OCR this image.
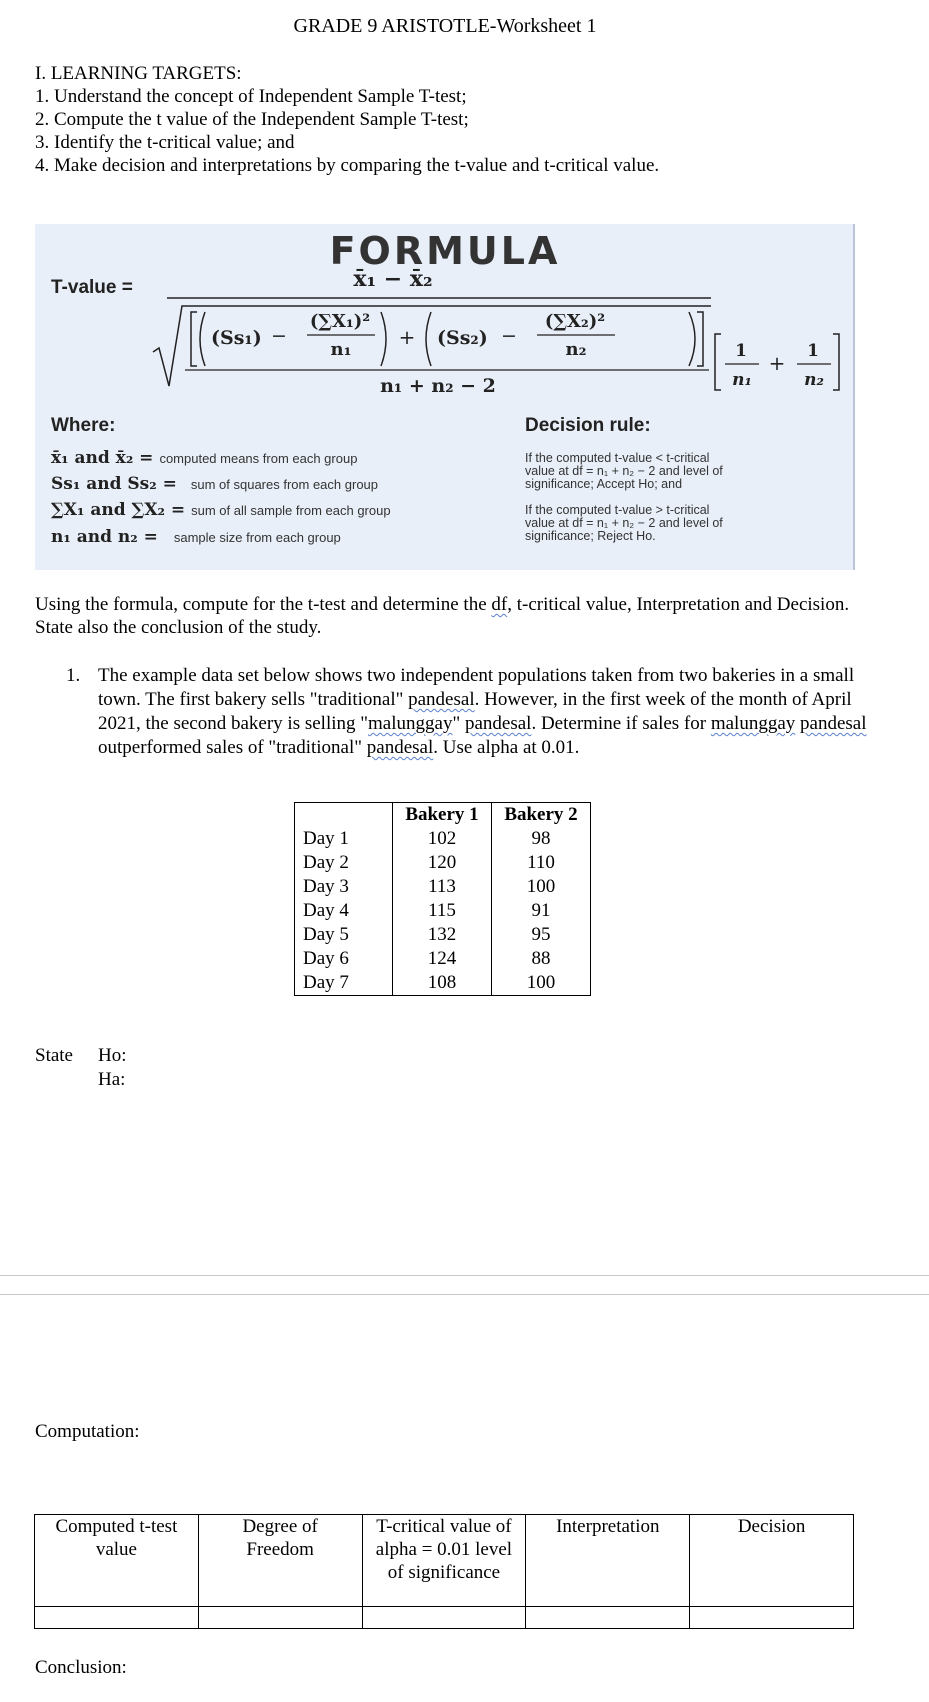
GRADE 9 ARISTOTLE-Worksheet 1
I. LEARNING TARGETS:
1. Understand the concept of Independent Sample T-test;
2. Compute the t value of the Independent Sample T-test;
3. Identify the t-critical value; and
4. Make decision and interpretations by comparing the t-value and t-critical value.
FORMULA
T-value =	x̄₁ − x̄₂
(Ss₁) −
(∑X₁)²
n₁
+ (Ss₂) −
(∑X₂)²
n₂
n₁ + n₂ − 2
1
n₁
+ 1
n₂
Where:	Decision rule:
x̄₁ and x̄₂ = computed means from each group
Ss₁ and Ss₂ = sum of squares from each group
∑X₁ and ∑X₂ = sum of all sample from each group
n₁ and n₂ = sample size from each group
If the computed t-value < t-critical
value at df = n₁ + n₂ − 2 and level of
significance; Accept Ho; and
If the computed t-value > t-critical
value at df = n₁ + n₂ − 2 and level of
significance; Reject Ho.
Using the formula, compute for the t-test and determine the df, t-critical value, Interpretation and Decision. State also the conclusion of the study.
1. The example data set below shows two independent populations taken from two bakeries in a small town. The first bakery sells "traditional" pandesal. However, in the first week of the month of April 2021, the second bakery is selling "malunggay" pandesal. Determine if sales for malunggay pandesal outperformed sales of "traditional" pandesal. Use alpha at 0.01.
	Bakery 1	Bakery 2
Day 1	102	98
Day 2	120	110
Day 3	113	100
Day 4	115	91
Day 5	132	95
Day 6	124	88
Day 7	108	100
State Ho:
Ha:
Computation:
Computed t-test value	Degree of Freedom	T-critical value of alpha = 0.01 level of significance	Interpretation	Decision

Conclusion:
